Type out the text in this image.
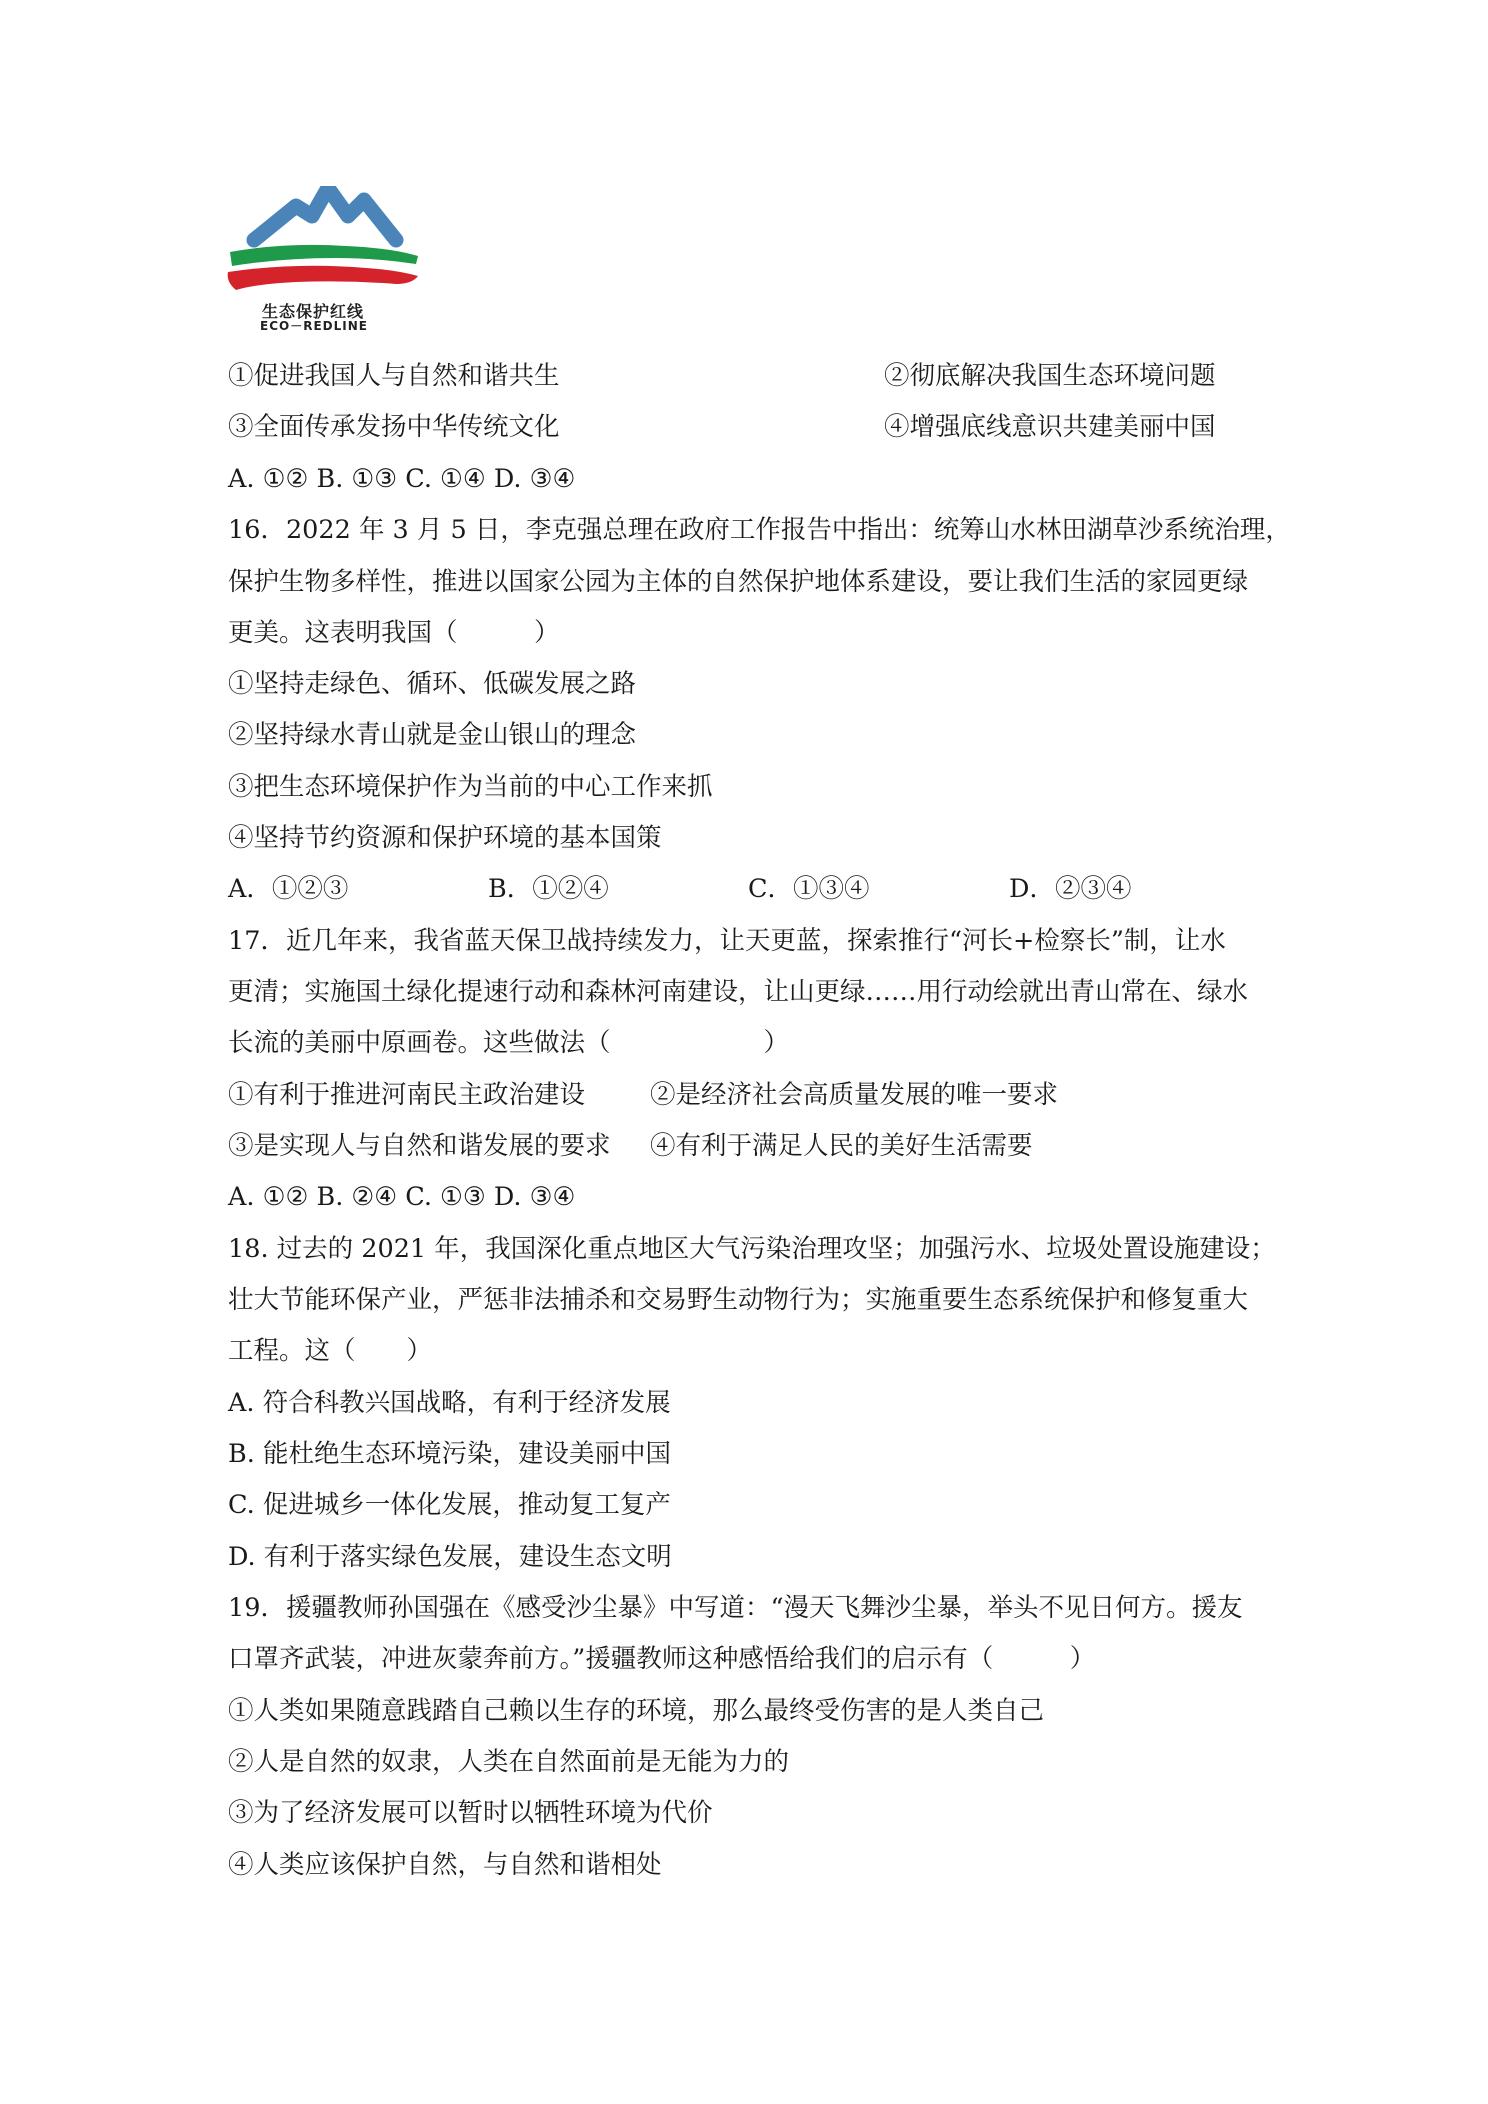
生态保护红线
ECO－REDLINE
①促进我国人与自然和谐共生	②彻底解决我国生态环境问题
③全面传承发扬中华传统文化	④增强底线意识共建美丽中国
A. ①② B. ①③ C. ①④ D. ③④
16．2022 年 3 月 5 日，李克强总理在政府工作报告中指出：统筹山水林田湖草沙系统治理，
保护生物多样性，推进以国家公园为主体的自然保护地体系建设，要让我们生活的家园更绿
更美。这表明我国（　　　）
①坚持走绿色、循环、低碳发展之路
②坚持绿水青山就是金山银山的理念
③把生态环境保护作为当前的中心工作来抓
④坚持节约资源和保护环境的基本国策
A．①②③	B．①②④	C．①③④	D．②③④
17．近几年来，我省蓝天保卫战持续发力，让天更蓝，探索推行“河长+检察长”制，让水
更清；实施国土绿化提速行动和森林河南建设，让山更绿……用行动绘就出青山常在、绿水
长流的美丽中原画卷。这些做法（　　　　　　）
①有利于推进河南民主政治建设	②是经济社会高质量发展的唯一要求
③是实现人与自然和谐发展的要求 ④有利于满足人民的美好生活需要
A. ①② B. ②④ C. ①③ D. ③④
18. 过去的 2021 年，我国深化重点地区大气污染治理攻坚；加强污水、垃圾处置设施建设；
壮大节能环保产业，严惩非法捕杀和交易野生动物行为；实施重要生态系统保护和修复重大
工程。这（　　）
A. 符合科教兴国战略，有利于经济发展
B. 能杜绝生态环境污染，建设美丽中国
C. 促进城乡一体化发展，推动复工复产
D. 有利于落实绿色发展，建设生态文明
19．援疆教师孙国强在《感受沙尘暴》中写道：“漫天飞舞沙尘暴，举头不见日何方。援友
口罩齐武装，冲进灰蒙奔前方。”援疆教师这种感悟给我们的启示有（　　　）
①人类如果随意践踏自己赖以生存的环境，那么最终受伤害的是人类自己
②人是自然的奴隶，人类在自然面前是无能为力的
③为了经济发展可以暂时以牺牲环境为代价
④人类应该保护自然，与自然和谐相处
